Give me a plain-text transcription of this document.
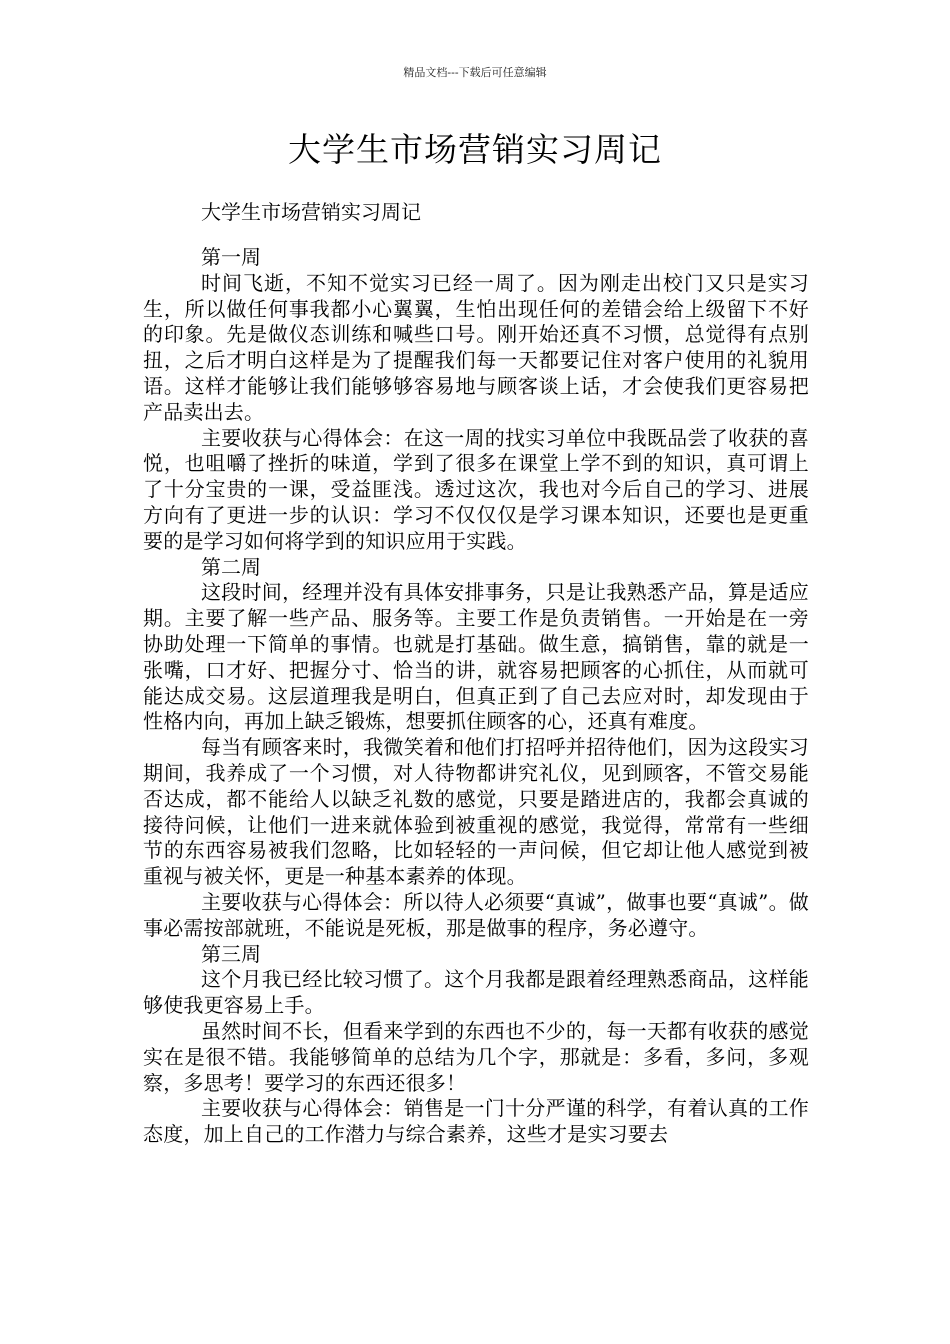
精品文档---下载后可任意编辑
大学生市场营销实习周记

大学生市场营销实习周记

第一周

时间飞逝，不知不觉实习已经一周了。因为刚走出校门又只是实习生，所以做任何事我都小心翼翼，生怕出现任何的差错会给上级留下不好的印象。先是做仪态训练和喊些口号。刚开始还真不习惯，总觉得有点别扭，之后才明白这样是为了提醒我们每一天都要记住对客户使用的礼貌用语。这样才能够让我们能够够容易地与顾客谈上话，才会使我们更容易把产品卖出去。

主要收获与心得体会：在这一周的找实习单位中我既品尝了收获的喜悦，也咀嚼了挫折的味道，学到了很多在课堂上学不到的知识，真可谓上了十分宝贵的一课，受益匪浅。透过这次，我也对今后自己的学习、进展方向有了更进一步的认识：学习不仅仅仅是学习课本知识，还要也是更重要的是学习如何将学到的知识应用于实践。

第二周

这段时间，经理并没有具体安排事务，只是让我熟悉产品，算是适应期。主要了解一些产品、服务等。主要工作是负责销售。一开始是在一旁协助处理一下简单的事情。也就是打基础。做生意，搞销售，靠的就是一张嘴，口才好、把握分寸、恰当的讲，就容易把顾客的心抓住，从而就可能达成交易。这层道理我是明白，但真正到了自己去应对时，却发现由于性格内向，再加上缺乏锻炼，想要抓住顾客的心，还真有难度。

每当有顾客来时，我微笑着和他们打招呼并招待他们，因为这段实习期间，我养成了一个习惯，对人待物都讲究礼仪，见到顾客，不管交易能否达成，都不能给人以缺乏礼数的感觉，只要是踏进店的，我都会真诚的接待问候，让他们一进来就体验到被重视的感觉，我觉得，常常有一些细节的东西容易被我们忽略，比如轻轻的一声问候，但它却让他人感觉到被重视与被关怀，更是一种基本素养的体现。

主要收获与心得体会：所以待人必须要“真诚”，做事也要“真诚”。做事必需按部就班，不能说是死板，那是做事的程序，务必遵守。

第三周

这个月我已经比较习惯了。这个月我都是跟着经理熟悉商品，这样能够使我更容易上手。

虽然时间不长，但看来学到的东西也不少的，每一天都有收获的感觉实在是很不错。我能够简单的总结为几个字，那就是：多看，多问，多观察，多思考！要学习的东西还很多！

主要收获与心得体会：销售是一门十分严谨的科学，有着认真的工作态度，加上自己的工作潜力与综合素养，这些才是实习要去
